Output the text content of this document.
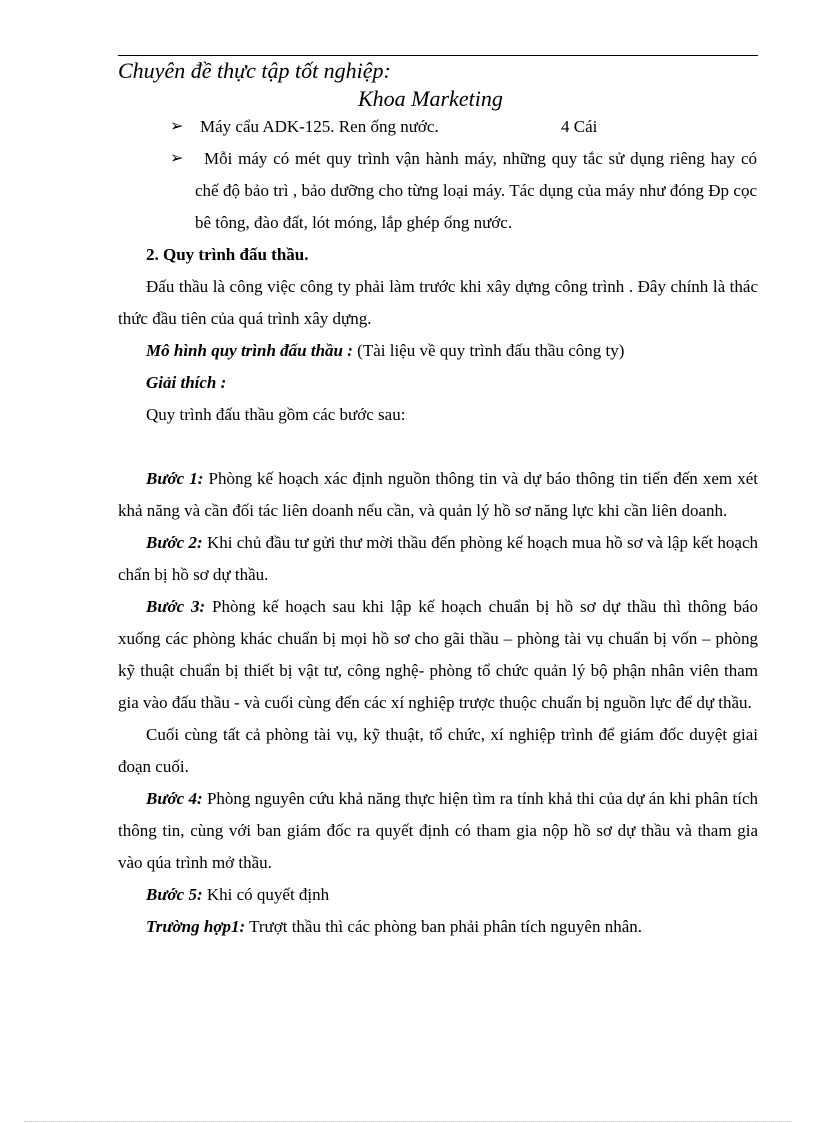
Chuyên đề thực tập tốt nghiệp:
Khoa Marketing
➢ Máy cẩu ADK-125. Ren ống nước.	4 Cái
➢	Mỗi máy có mét quy trình vận hành máy, những quy tắc sử dụng riêng hay có chế độ bảo trì , bảo dưỡng cho từng loại máy. Tác dụng của máy như đóng Đp cọc bê tông, đào đất, lót móng, lắp ghép ống nước.

2. Quy trình đấu thầu.

Đấu thầu là công việc công ty phải làm trước khi xây dựng công trình . Đây chính là thác thức đầu tiên của quá trình xây dựng.

Mô hình quy trình đấu thầu : (Tài liệu về quy trình đấu thầu công ty)

Giải thích :

Quy trình đấu thầu gồm các bước sau:

Bước 1: Phòng kế hoạch xác định nguồn thông tin và dự báo thông tin tiến đến xem xét khả năng và cần đối tác liên doanh nếu cần, và quản lý hồ sơ năng lực khi cần liên doanh.

Bước 2: Khi chủ đầu tư gửi thư mời thầu đến phòng kế hoạch mua hồ sơ và lập kết hoạch chẩn bị hồ sơ dự thầu.

Bước 3: Phòng kế hoạch sau khi lập kế hoạch chuẩn bị hồ sơ dự thầu thì thông báo xuống các phòng khác chuẩn bị mọi hồ sơ cho gãi thầu – phòng tài vụ chuẩn bị vốn – phòng kỹ thuật chuẩn bị thiết bị vật tư, công nghệ- phòng tổ chức quản lý bộ phận nhân viên tham gia vào đấu thầu - và cuối cùng đến các xí nghiệp trược thuộc chuẩn bị nguồn lực để dự thầu.

Cuối cùng tất cả phòng tài vụ, kỹ thuật, tổ chức, xí nghiệp trình để giám đốc duyệt giai đoạn cuối.

Bước 4: Phòng nguyên cứu khả năng thực hiện tìm ra tính khả thi của dự án khi phân tích thông tin, cùng với ban giám đốc ra quyết định có tham gia nộp hồ sơ dự thầu và tham gia vào qúa trình mở thầu.

Bước 5: Khi có quyết định

Trường hợp1: Trượt thầu thì các phòng ban phải phân tích nguyên nhân.
